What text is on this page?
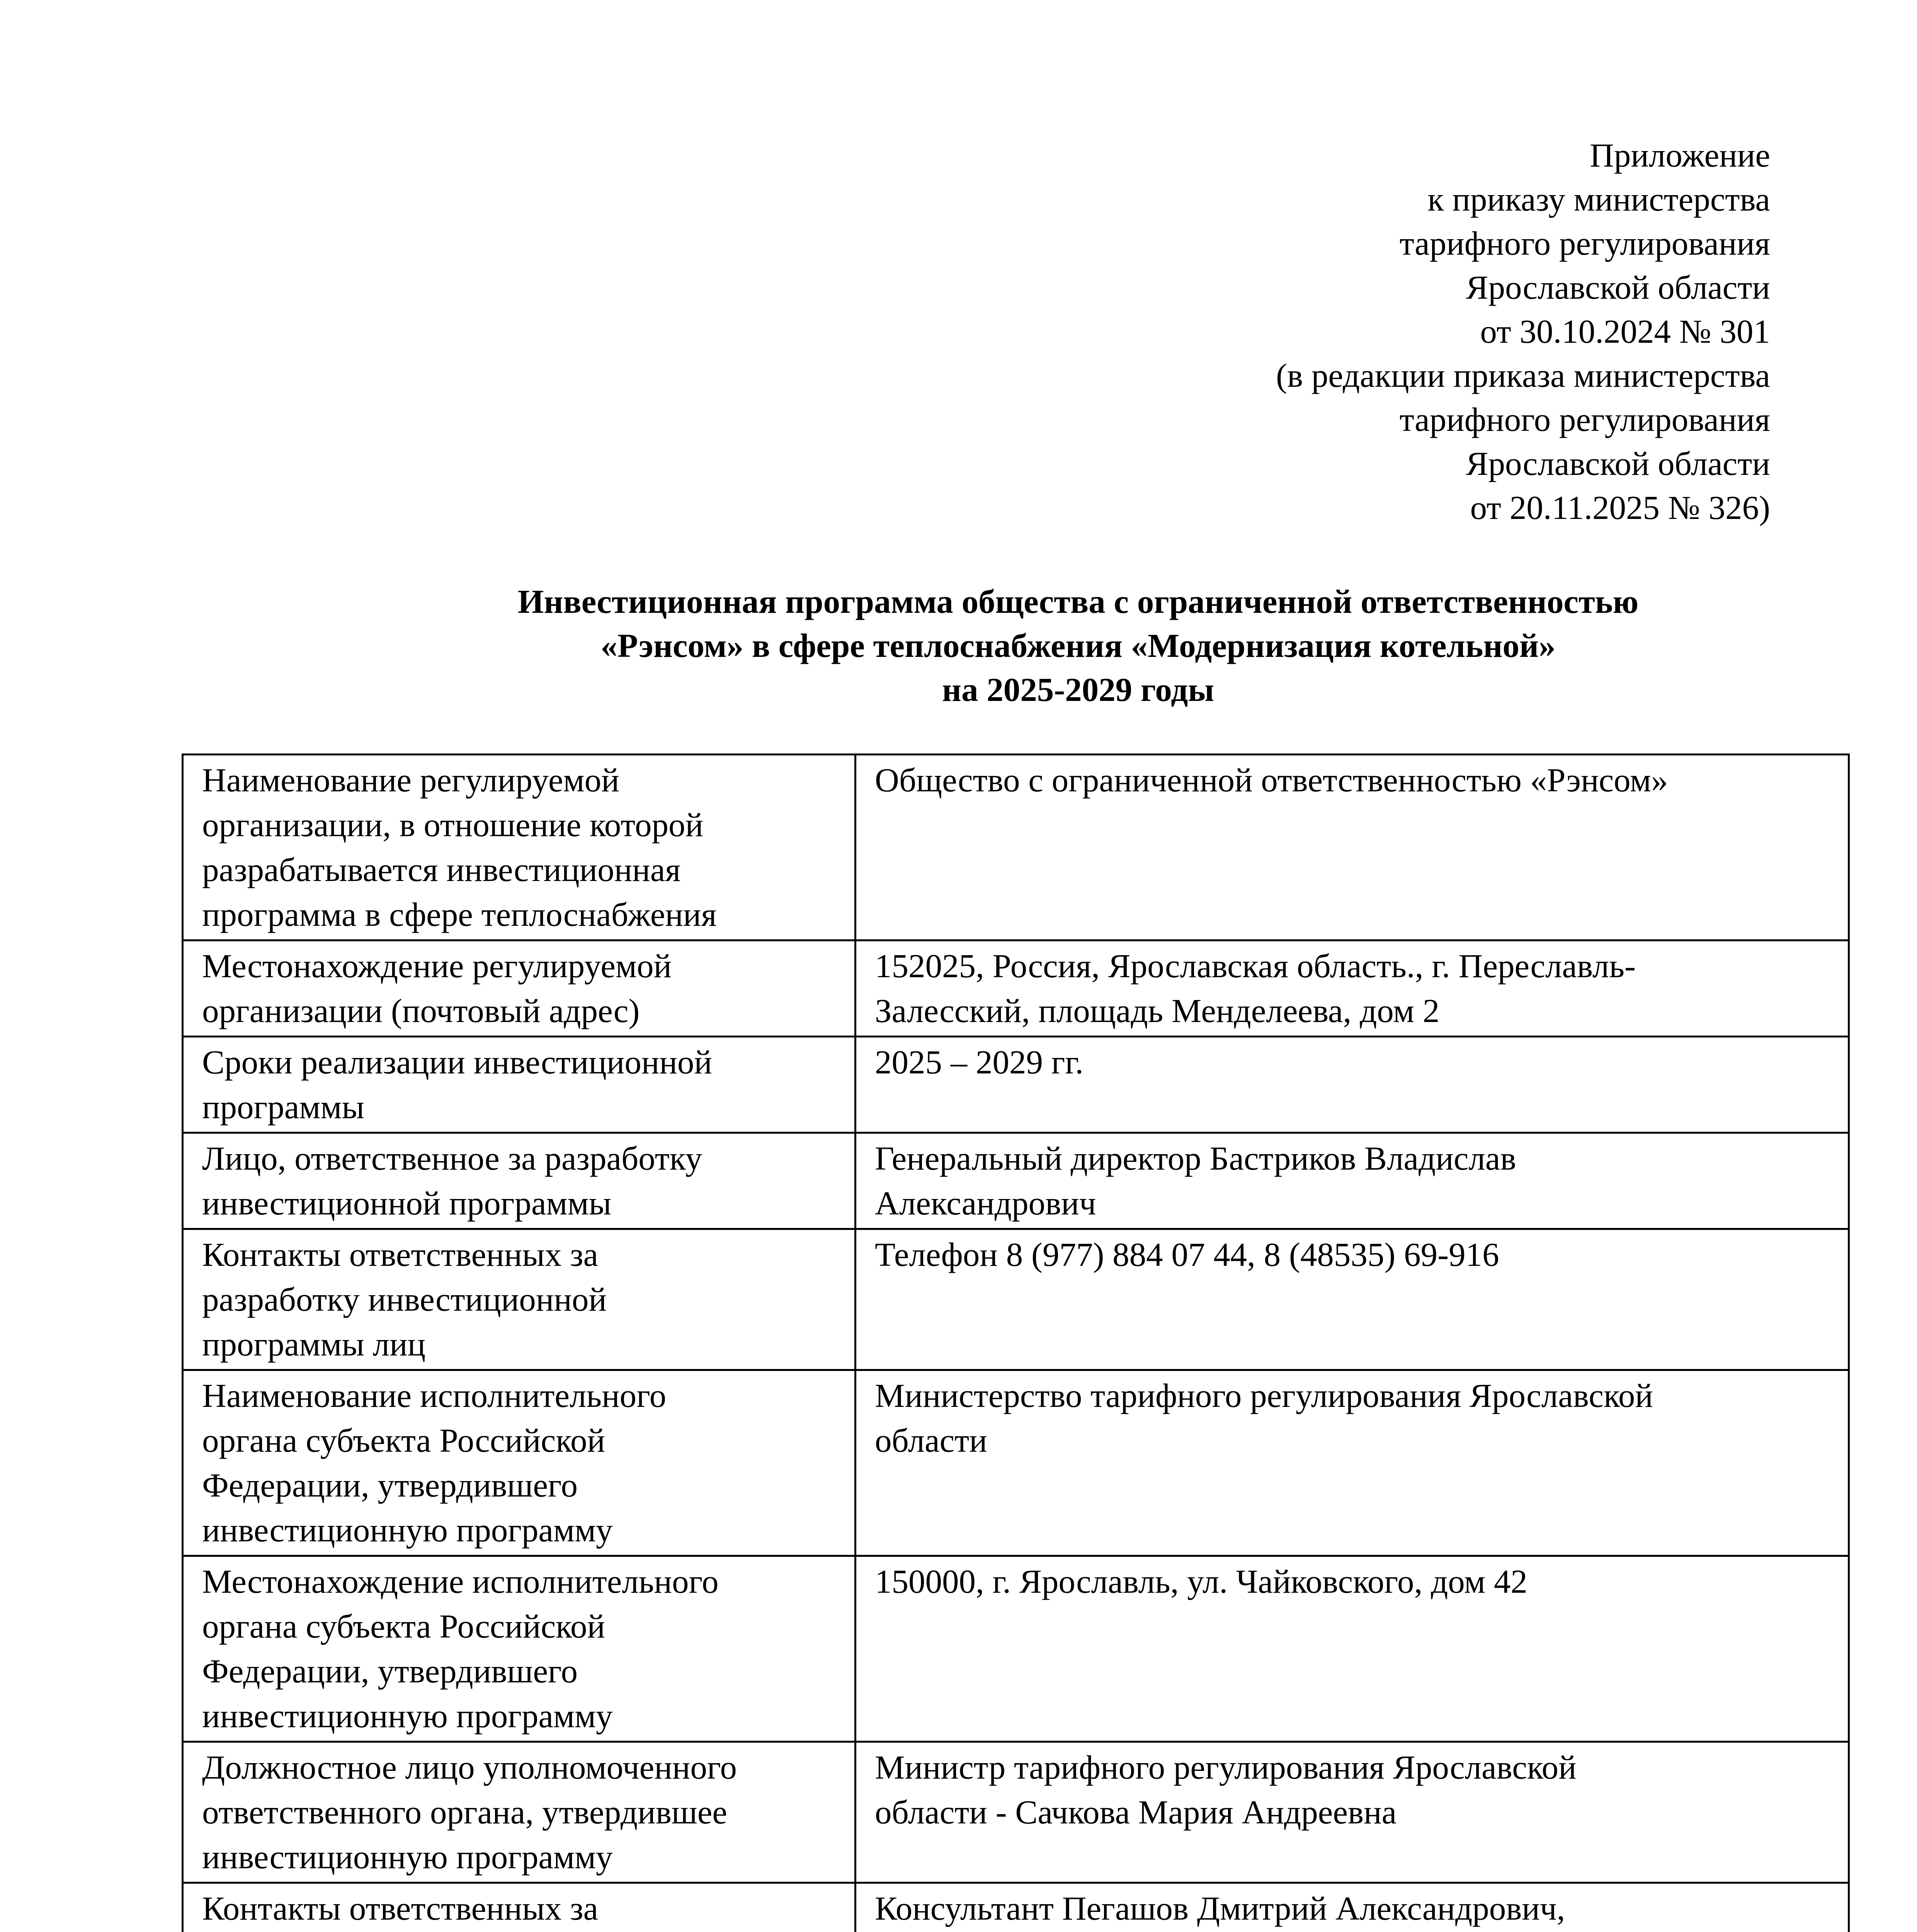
Приложение
к приказу министерства
тарифного регулирования
Ярославской области
от 30.10.2024 № 301
(в редакции приказа министерства
тарифного регулирования
Ярославской области
от 20.11.2025 № 326)
Инвестиционная программа общества с ограниченной ответственностью
«Рэнсом» в сфере теплоснабжения «Модернизация котельной»
на 2025-2029 годы
Наименование регулируемой
организации, в отношение которой
разрабатывается инвестиционная
программа в сфере теплоснабжения	Общество с ограниченной ответственностью «Рэнсом»

Местонахождение регулируемой
организации (почтовый адрес)	152025, Россия, Ярославская область., г. Переславль-
Залесский, площадь Менделеева, дом 2

Сроки реализации инвестиционной
программы	2025 – 2029 гг.

Лицо, ответственное за разработку
инвестиционной программы	Генеральный директор Бастриков Владислав
Александрович

Контакты ответственных за
разработку инвестиционной
программы лиц	Телефон 8 (977) 884 07 44, 8 (48535) 69-916

Наименование исполнительного
органа субъекта Российской
Федерации, утвердившего
инвестиционную программу	Министерство тарифного регулирования Ярославской
области

Местонахождение исполнительного
органа субъекта Российской
Федерации, утвердившего
инвестиционную программу	150000, г. Ярославль, ул. Чайковского, дом 42

Должностное лицо уполномоченного
ответственного органа, утвердившее
инвестиционную программу	Министр тарифного регулирования Ярославской
области - Сачкова Мария Андреевна

Контакты ответственных за	Консультант Пегашов Дмитрий Александрович,
